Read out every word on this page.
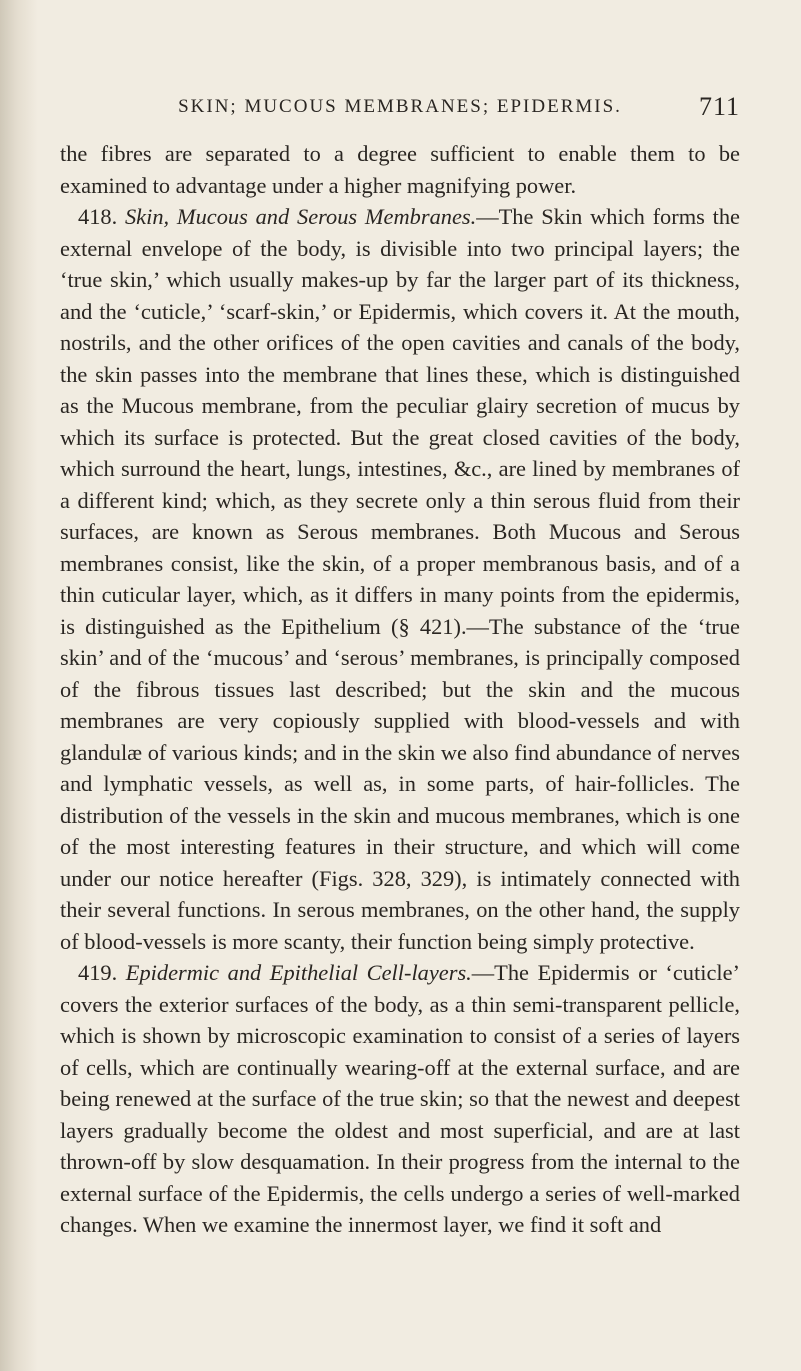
SKIN; MUCOUS MEMBRANES; EPIDERMIS.	711

the fibres are separated to a degree sufficient to enable them to be examined to advantage under a higher magnifying power.

418. Skin, Mucous and Serous Membranes.—The Skin which forms the external envelope of the body, is divisible into two principal layers; the ‘true skin,’ which usually makes-up by far the larger part of its thickness, and the ‘cuticle,’ ‘scarf-skin,’ or Epidermis, which covers it. At the mouth, nostrils, and the other orifices of the open cavities and canals of the body, the skin passes into the membrane that lines these, which is distinguished as the Mucous membrane, from the peculiar glairy secretion of mucus by which its surface is protected. But the great closed cavities of the body, which surround the heart, lungs, intestines, &c., are lined by membranes of a different kind; which, as they secrete only a thin serous fluid from their surfaces, are known as Serous membranes. Both Mucous and Serous membranes consist, like the skin, of a proper membranous basis, and of a thin cuticular layer, which, as it differs in many points from the epidermis, is distinguished as the Epithelium (§ 421).—The substance of the ‘true skin’ and of the ‘mucous’ and ‘serous’ membranes, is principally composed of the fibrous tissues last described; but the skin and the mucous membranes are very copiously supplied with blood-vessels and with glandulæ of various kinds; and in the skin we also find abundance of nerves and lymphatic vessels, as well as, in some parts, of hair-follicles. The distribution of the vessels in the skin and mucous membranes, which is one of the most interesting features in their structure, and which will come under our notice hereafter (Figs. 328, 329), is intimately connected with their several functions. In serous membranes, on the other hand, the supply of blood-vessels is more scanty, their function being simply protective.

419. Epidermic and Epithelial Cell-layers.—The Epidermis or ‘cuticle’ covers the exterior surfaces of the body, as a thin semi-transparent pellicle, which is shown by microscopic examination to consist of a series of layers of cells, which are continually wearing-off at the external surface, and are being renewed at the surface of the true skin; so that the newest and deepest layers gradually become the oldest and most superficial, and are at last thrown-off by slow desquamation. In their progress from the internal to the external surface of the Epidermis, the cells undergo a series of well-marked changes. When we examine the innermost layer, we find it soft and
